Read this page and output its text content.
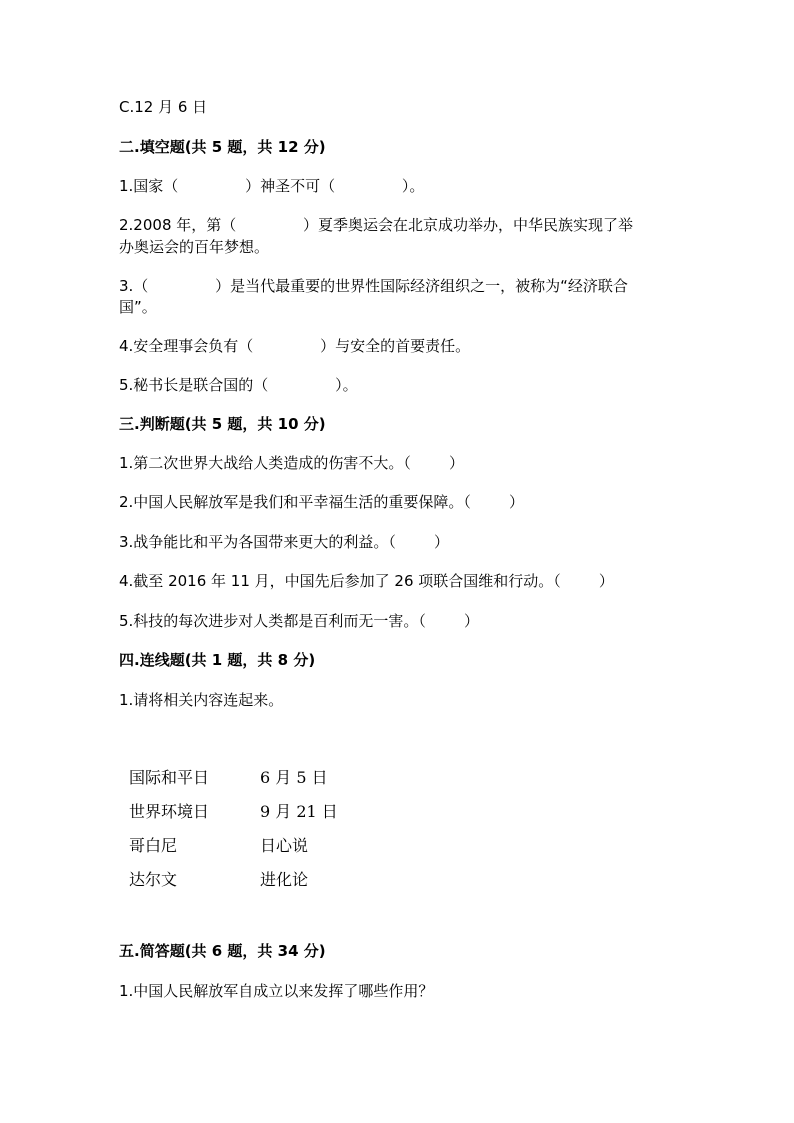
C.12 月 6 日
二.填空题(共 5 题，共 12 分)
1.国家（              ）神圣不可（              ）。
2.2008 年，第（              ）夏季奥运会在北京成功举办，中华民族实现了举
办奥运会的百年梦想。
3.（              ）是当代最重要的世界性国际经济组织之一，被称为“经济联合
国”。
4.安全理事会负有（              ）与安全的首要责任。
5.秘书长是联合国的（              ）。
三.判断题(共 5 题，共 10 分)
1.第二次世界大战给人类造成的伤害不大。（        ）
2.中国人民解放军是我们和平幸福生活的重要保障。（        ）
3.战争能比和平为各国带来更大的利益。（        ）
4.截至 2016 年 11 月，中国先后参加了 26 项联合国维和行动。（        ）
5.科技的每次进步对人类都是百利而无一害。（        ）
四.连线题(共 1 题，共 8 分)
1.请将相关内容连起来。
国际和平日	6 月 5 日
世界环境日	9 月 21 日
哥白尼	日心说
达尔文	进化论
五.简答题(共 6 题，共 34 分)
1.中国人民解放军自成立以来发挥了哪些作用？
